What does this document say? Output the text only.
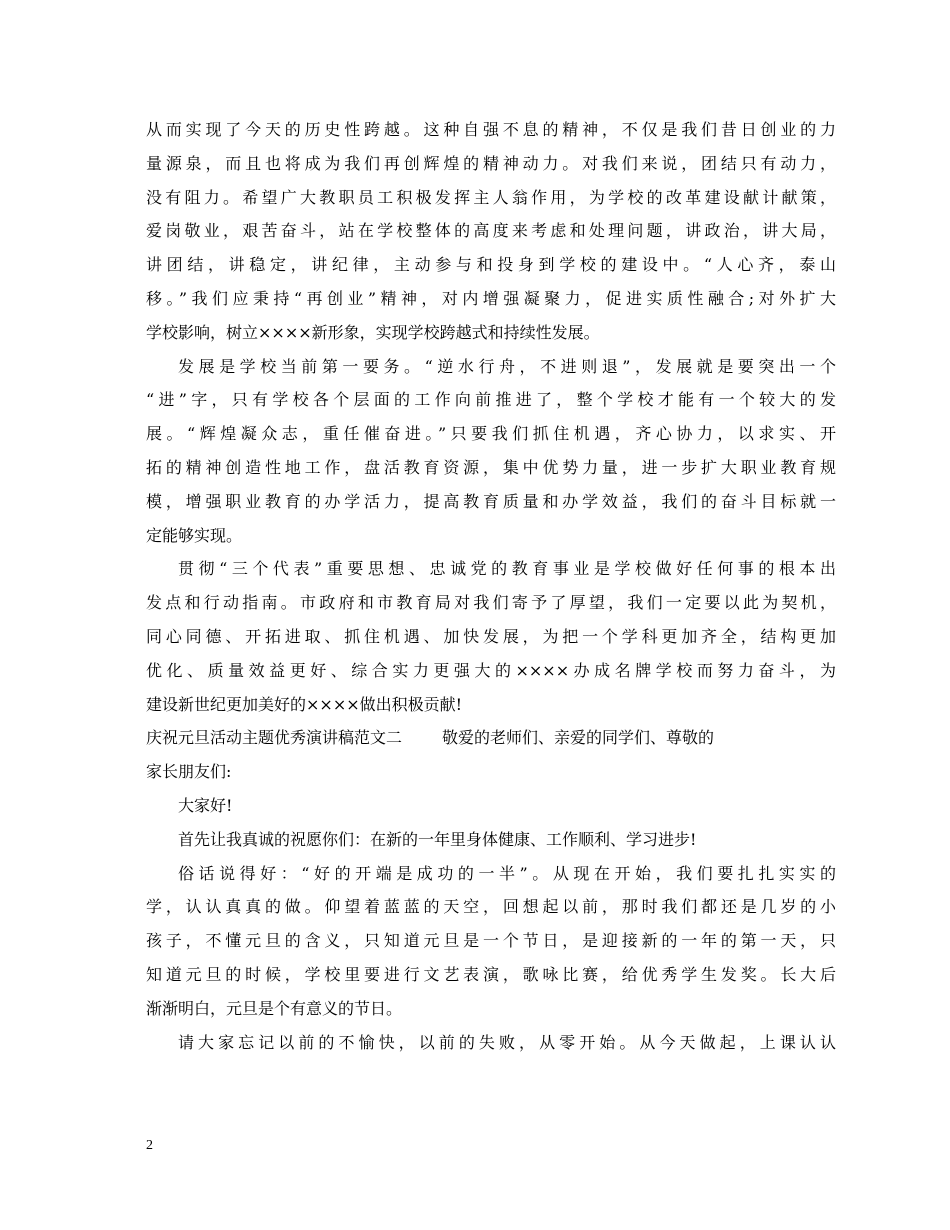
从而实现了今天的历史性跨越。这种自强不息的精神，不仅是我们昔日创业的力
量源泉，而且也将成为我们再创辉煌的精神动力。对我们来说，团结只有动力，
没有阻力。希望广大教职员工积极发挥主人翁作用，为学校的改革建设献计献策，
爱岗敬业，艰苦奋斗，站在学校整体的高度来考虑和处理问题，讲政治，讲大局，
讲团结，讲稳定，讲纪律，主动参与和投身到学校的建设中。“人心齐，泰山
移。”我们应秉持“再创业”精神，对内增强凝聚力，促进实质性融合;对外扩大
学校影响，树立××××新形象，实现学校跨越式和持续性发展。
发展是学校当前第一要务。“逆水行舟，不进则退”，发展就是要突出一个
“进”字，只有学校各个层面的工作向前推进了，整个学校才能有一个较大的发
展。“辉煌凝众志，重任催奋进。”只要我们抓住机遇，齐心协力，以求实、开
拓的精神创造性地工作，盘活教育资源，集中优势力量，进一步扩大职业教育规
模，增强职业教育的办学活力，提高教育质量和办学效益，我们的奋斗目标就一
定能够实现。
贯彻“三个代表”重要思想、忠诚党的教育事业是学校做好任何事的根本出
发点和行动指南。市政府和市教育局对我们寄予了厚望，我们一定要以此为契机，
同心同德、开拓进取、抓住机遇、加快发展，为把一个学科更加齐全，结构更加
优化、质量效益更好、综合实力更强大的××××办成名牌学校而努力奋斗，为
建设新世纪更加美好的××××做出积极贡献!
庆祝元旦活动主题优秀演讲稿范文二	敬爱的老师们、亲爱的同学们、尊敬的
家长朋友们:
大家好!
首先让我真诚的祝愿你们：在新的一年里身体健康、工作顺利、学习进步!
俗话说得好：“好的开端是成功的一半”。从现在开始，我们要扎扎实实的
学，认认真真的做。仰望着蓝蓝的天空，回想起以前，那时我们都还是几岁的小
孩子，不懂元旦的含义，只知道元旦是一个节日，是迎接新的一年的第一天，只
知道元旦的时候，学校里要进行文艺表演，歌咏比赛，给优秀学生发奖。长大后
渐渐明白，元旦是个有意义的节日。
请大家忘记以前的不愉快，以前的失败，从零开始。从今天做起，上课认认
2
